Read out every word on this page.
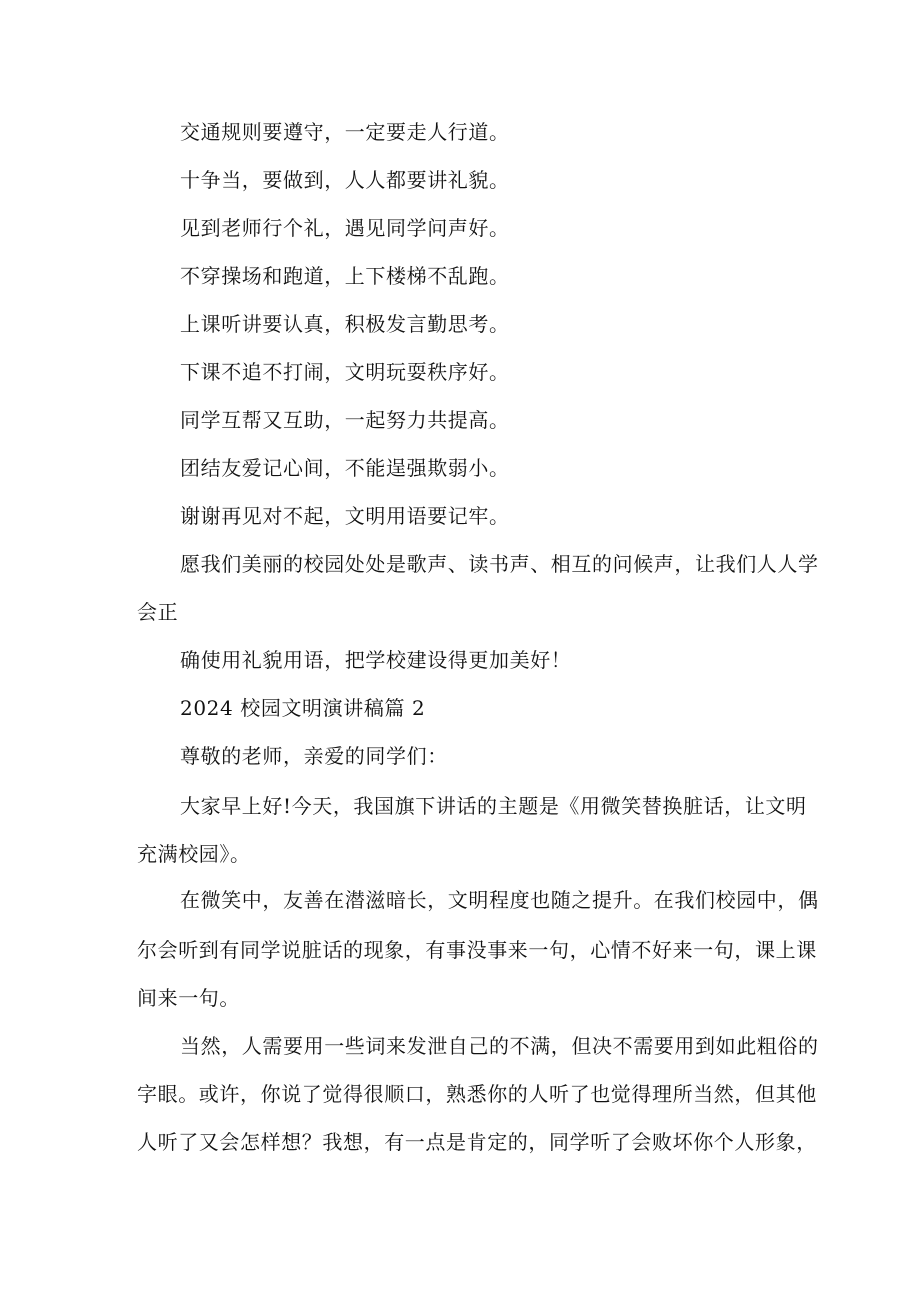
交通规则要遵守，一定要走人行道。
十争当，要做到，人人都要讲礼貌。
见到老师行个礼，遇见同学问声好。
不穿操场和跑道，上下楼梯不乱跑。
上课听讲要认真，积极发言勤思考。
下课不追不打闹，文明玩耍秩序好。
同学互帮又互助，一起努力共提高。
团结友爱记心间，不能逞强欺弱小。
谢谢再见对不起，文明用语要记牢。
愿我们美丽的校园处处是歌声、读书声、相互的问候声，让我们人人学
会正
确使用礼貌用语，把学校建设得更加美好！
2024 校园文明演讲稿篇 2
尊敬的老师，亲爱的同学们：
大家早上好!今天，我国旗下讲话的主题是《用微笑替换脏话，让文明
充满校园》。
在微笑中，友善在潜滋暗长，文明程度也随之提升。在我们校园中，偶
尔会听到有同学说脏话的现象，有事没事来一句，心情不好来一句，课上课
间来一句。
当然，人需要用一些词来发泄自己的不满，但决不需要用到如此粗俗的
字眼。或许，你说了觉得很顺口，熟悉你的人听了也觉得理所当然，但其他
人听了又会怎样想？我想，有一点是肯定的，同学听了会败坏你个人形象，
